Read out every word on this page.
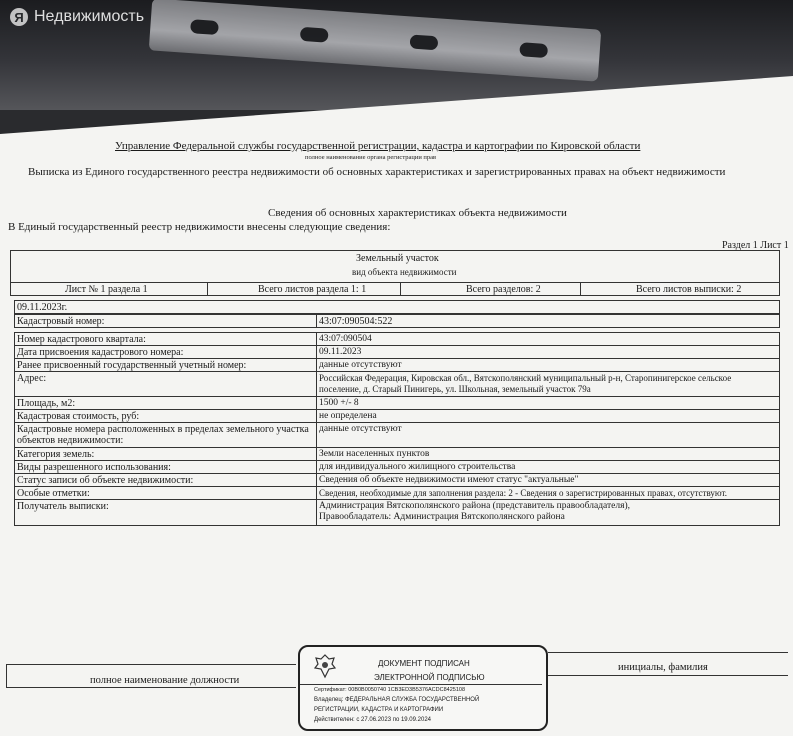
Я Недвижимость
Управление Федеральной службы государственной регистрации, кадастра и картографии по Кировской области
полное наименование органа регистрации прав
Выписка из Единого государственного реестра недвижимости об основных характеристиках и зарегистрированных правах на объект недвижимости
Сведения об основных характеристиках объекта недвижимости
В Единый государственный реестр недвижимости внесены следующие сведения:
Раздел 1 Лист 1
Земельный участок
вид объекта недвижимости
Лист № 1 раздела 1	Всего листов раздела 1: 1	Всего разделов: 2	Всего листов выписки: 2
09.11.2023г.
Кадастровый номер:	43:07:090504:522
Номер кадастрового квартала:	43:07:090504
Дата присвоения кадастрового номера:	09.11.2023
Ранее присвоенный государственный учетный номер:	данные отсутствуют
Адрес:	Российская Федерация, Кировская обл., Вятскополянский муниципальный р-н, Старопинигерское сельское поселение, д. Старый Пинигерь, ул. Школьная, земельный участок 79а
Площадь, м2:	1500 +/- 8
Кадастровая стоимость, руб:	не определена
Кадастровые номера расположенных в пределах земельного участка объектов недвижимости:
данные отсутствуют
Категория земель:	Земли населенных пунктов
Виды разрешенного использования:	для индивидуального жилищного строительства
Статус записи об объекте недвижимости:	Сведения об объекте недвижимости имеют статус "актуальные"
Особые отметки:	Сведения, необходимые для заполнения раздела: 2 - Сведения о зарегистрированных правах, отсутствуют.
Получатель выписки:	Администрация Вятскополянского района (представитель правообладателя), Правообладатель: Администрация Вятскополянского района
полное наименование должности
инициалы, фамилия
ДОКУМЕНТ ПОДПИСАН
ЭЛЕКТРОННОЙ ПОДПИСЬЮ
Сертификат: 00B0B0050740 1CB3ED3B5376ACDC8425108
Владелец: ФЕДЕРАЛЬНАЯ СЛУЖБА ГОСУДАРСТВЕННОЙ
РЕГИСТРАЦИИ, КАДАСТРА И КАРТОГРАФИИ
Действителен: с 27.06.2023 по 19.09.2024
